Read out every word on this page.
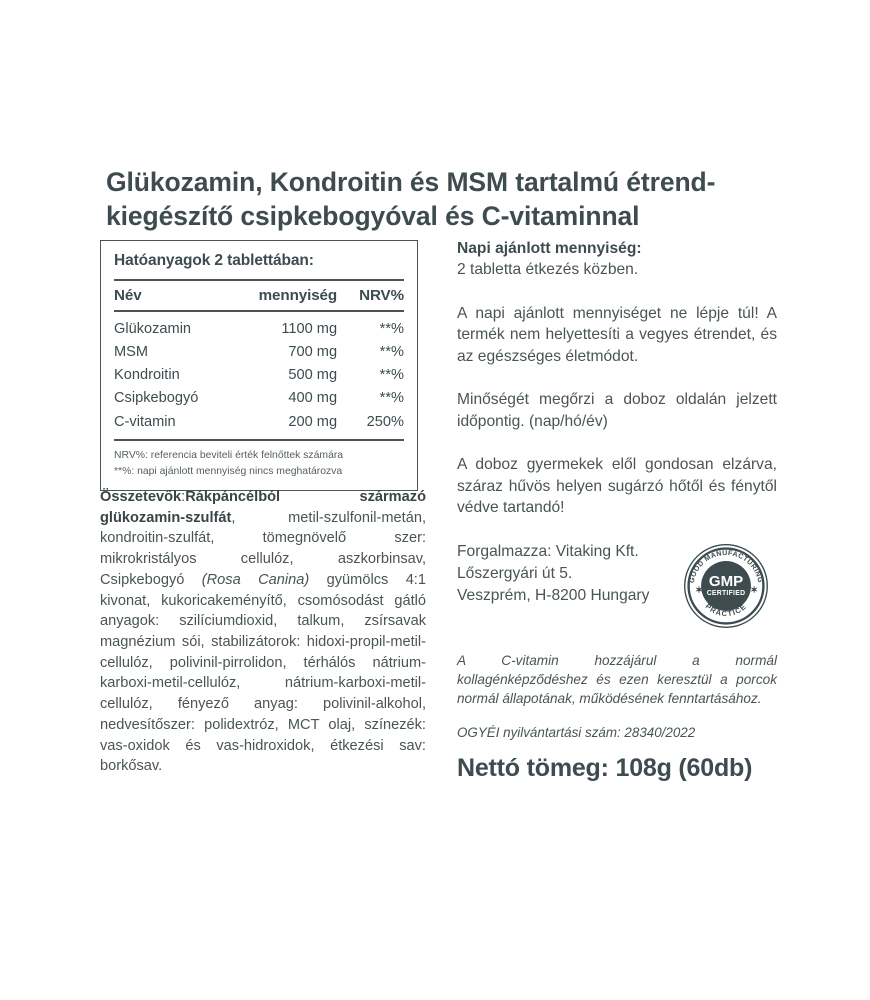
Glükozamin, Kondroitin és MSM tartalmú étrend-kiegészítő csipkebogyóval és C-vitaminnal
Hatóanyagok 2 tablettában:
Név	mennyiség	NRV%
Glükozamin	1100 mg	**%
MSM	700 mg	**%
Kondroitin	500 mg	**%
Csipkebogyó	400 mg	**%
C-vitamin	200 mg	250%
NRV%: referencia beviteli érték felnőttek számára
**%: napi ajánlott mennyiség nincs meghatározva
Összetevők:Rákpáncélból származó glükozamin-szulfát, metil-szulfonil-metán, kondroitin-szulfát, tömegnövelő szer: mikrokristályos cellulóz, aszkorbinsav, Csipkebogyó (Rosa Canina) gyümölcs 4:1 kivonat, kukoricakeményítő, csomósodást gátló anyagok: szilíciumdioxid, talkum, zsírsavak magnézium sói, stabilizátorok: hidoxi-propil-metil-cellulóz, polivinil-pirrolidon, térhálós nátrium-karboxi-metil-cellulóz, nátrium-karboxi-metil-cellulóz, fényező anyag: polivinil-alkohol, nedvesítőszer: polidextróz, MCT olaj, színezék: vas-oxidok és vas-hidroxidok, étkezési sav: borkősav.
Napi ajánlott mennyiség:
2 tabletta étkezés közben.
A napi ajánlott mennyiséget ne lépje túl! A termék nem helyettesíti a vegyes étrendet, és az egészséges életmódot.
Minőségét megőrzi a doboz oldalán jelzett időpontig. (nap/hó/év)
A doboz gyermekek elől gondosan elzárva, száraz hűvös helyen sugárzó hőtől és fénytől védve tartandó!
Forgalmazza: Vitaking Kft.
Lőszergyári út 5.
Veszprém, H-8200 Hungary
GOOD MANUFACTURING
PRACTICE
✶	✶
GMP
CERTIFIED
A C-vitamin hozzájárul a normál kollagénképződéshez és ezen keresztül a porcok normál állapotának, működésének fenntartásához.
OGYÉI nyilvántartási szám: 28340/2022
Nettó tömeg: 108g (60db)
